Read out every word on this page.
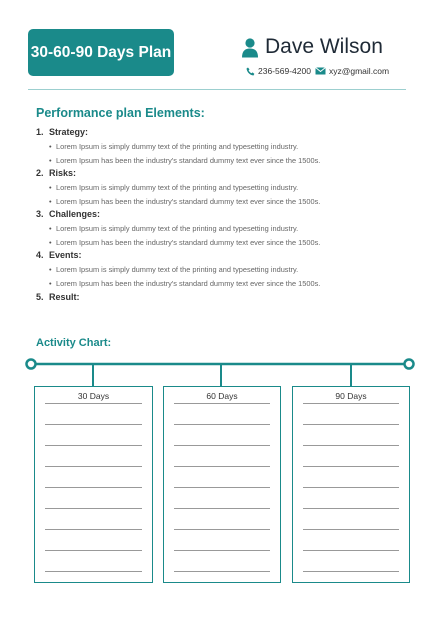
30-60-90 Days Plan	Dave Wilson
236-569-4200 xyz@gmail.com
Performance plan Elements:
1. Strategy:
• Lorem Ipsum is simply dummy text of the printing and typesetting industry.
• Lorem Ipsum has been the industry's standard dummy text ever since the 1500s.
2. Risks:
• Lorem Ipsum is simply dummy text of the printing and typesetting industry.
• Lorem Ipsum has been the industry's standard dummy text ever since the 1500s.
3. Challenges:
• Lorem Ipsum is simply dummy text of the printing and typesetting industry.
• Lorem Ipsum has been the industry's standard dummy text ever since the 1500s.
4. Events:
• Lorem Ipsum is simply dummy text of the printing and typesetting industry.
• Lorem Ipsum has been the industry's standard dummy text ever since the 1500s.
5. Result:
Activity Chart:
30 Days	60 Days	90 Days
